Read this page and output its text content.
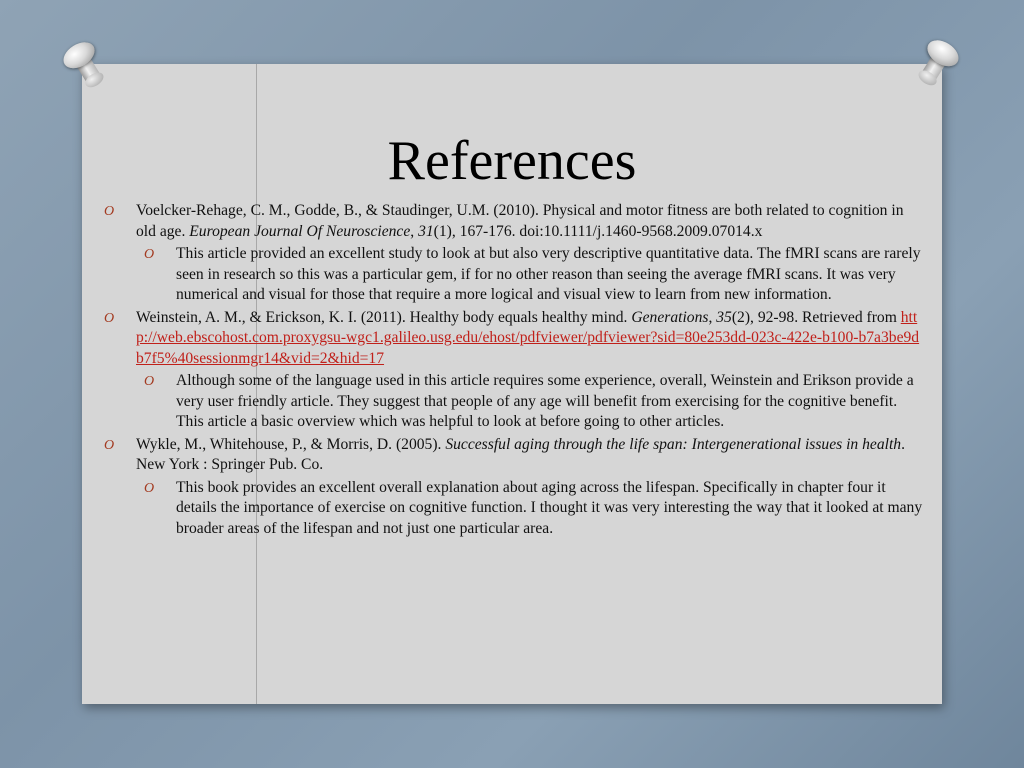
References
O Voelcker-Rehage, C. M., Godde, B., & Staudinger, U.M. (2010). Physical and motor fitness are both related to cognition in old age. European Journal Of Neuroscience, 31(1), 167-176. doi:10.1111/j.1460-9568.2009.07014.x
O This article provided an excellent study to look at but also very descriptive quantitative data. The fMRI scans are rarely seen in research so this was a particular gem, if for no other reason than seeing the average fMRI scans. It was very numerical and visual for those that require a more logical and visual view to learn from new information.
O Weinstein, A. M., & Erickson, K. I. (2011). Healthy body equals healthy mind. Generations, 35(2), 92-98. Retrieved from http://web.ebscohost.com.proxygsu-wgc1.galileo.usg.edu/ehost/pdfviewer/pdfviewer?sid=80e253dd-023c-422e-b100-b7a3be9db7f5%40sessionmgr14&vid=2&hid=17
O Although some of the language used in this article requires some experience, overall, Weinstein and Erikson provide a very user friendly article. They suggest that people of any age will benefit from exercising for the cognitive benefit. This article a basic overview which was helpful to look at before going to other articles.
O Wykle, M., Whitehouse, P., & Morris, D. (2005). Successful aging through the life span: Intergenerational issues in health. New York : Springer Pub. Co.
O This book provides an excellent overall explanation about aging across the lifespan. Specifically in chapter four it details the importance of exercise on cognitive function. I thought it was very interesting the way that it looked at many broader areas of the lifespan and not just one particular area.
